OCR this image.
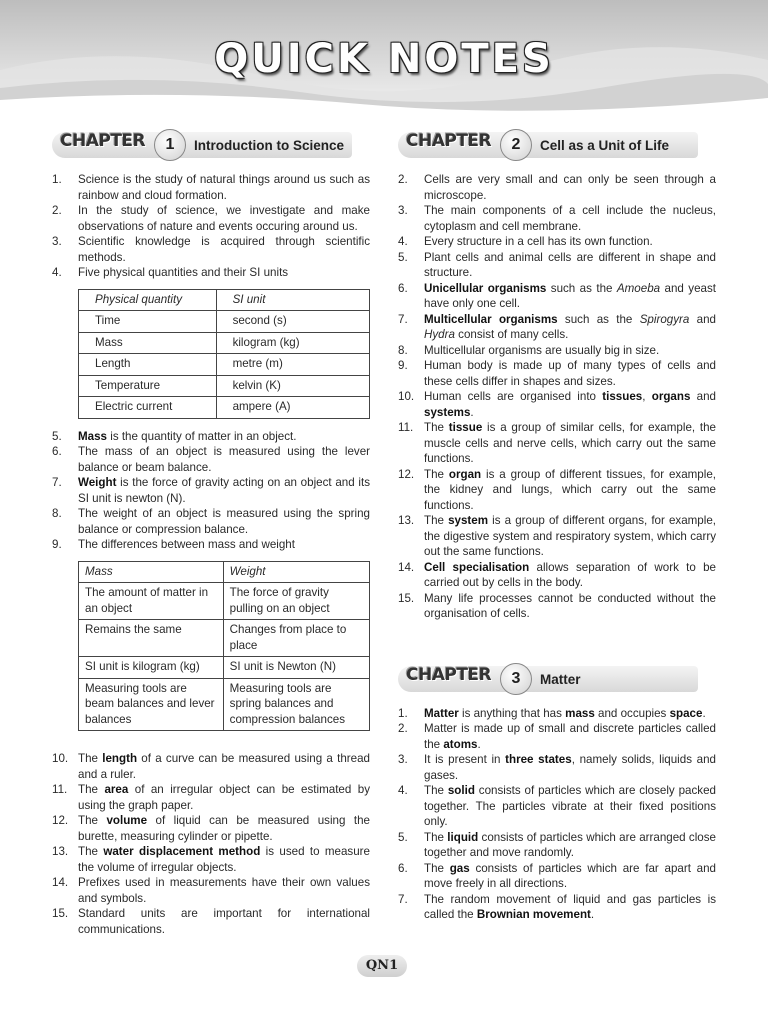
QUICK NOTES
CHAPTER	1	Introduction to Science
1.	Science is the study of natural things around us such as rainbow and cloud formation.
2.	In the study of science, we investigate and make observations of nature and events occuring around us.
3.	Scientific knowledge is acquired through scientific methods.
4.	Five physical quantities and their SI units
Physical quantity	SI unit
Time	second (s)
Mass	kilogram (kg)
Length	metre (m)
Temperature	kelvin (K)
Electric current	ampere (A)
5.	Mass is the quantity of matter in an object.
6.	The mass of an object is measured using the lever balance or beam balance.
7.	Weight is the force of gravity acting on an object and its SI unit is newton (N).
8.	The weight of an object is measured using the spring balance or compression balance.
9.	The differences between mass and weight
Mass	Weight
The amount of matter in an object	The force of gravity pulling on an object
Remains the same	Changes from place to place
SI unit is kilogram (kg)	SI unit is Newton (N)
Measuring tools are beam balances and lever balances	Measuring tools are spring balances and compression balances
10. The length of a curve can be measured using a thread and a ruler.
11. The area of an irregular object can be estimated by using the graph paper.
12. The volume of liquid can be measured using the burette, measuring cylinder or pipette.
13. The water displacement method is used to measure the volume of irregular objects.
14. Prefixes used in measurements have their own values and symbols.
15. Standard units are important for international communications.
CHAPTER	2	Cell as a Unit of Life
2.	Cells are very small and can only be seen through a microscope.
3.	The main components of a cell include the nucleus, cytoplasm and cell membrane.
4.	Every structure in a cell has its own function.
5.	Plant cells and animal cells are different in shape and structure.
6.	Unicellular organisms such as the Amoeba and yeast have only one cell.
7.	Multicellular organisms such as the Spirogyra and Hydra consist of many cells.
8.	Multicellular organisms are usually big in size.
9.	Human body is made up of many types of cells and these cells differ in shapes and sizes.
10. Human cells are organised into tissues, organs and systems.
11. The tissue is a group of similar cells, for example, the muscle cells and nerve cells, which carry out the same functions.
12. The organ is a group of different tissues, for example, the kidney and lungs, which carry out the same functions.
13. The system is a group of different organs, for example, the digestive system and respiratory system, which carry out the same functions.
14. Cell specialisation allows separation of work to be carried out by cells in the body.
15. Many life processes cannot be conducted without the organisation of cells.
CHAPTER	3	Matter
1.	Matter is anything that has mass and occupies space.
2.	Matter is made up of small and discrete particles called the atoms.
3.	It is present in three states, namely solids, liquids and gases.
4.	The solid consists of particles which are closely packed together. The particles vibrate at their fixed positions only.
5.	The liquid consists of particles which are arranged close together and move randomly.
6.	The gas consists of particles which are far apart and move freely in all directions.
7.	The random movement of liquid and gas particles is called the Brownian movement.
QN1
